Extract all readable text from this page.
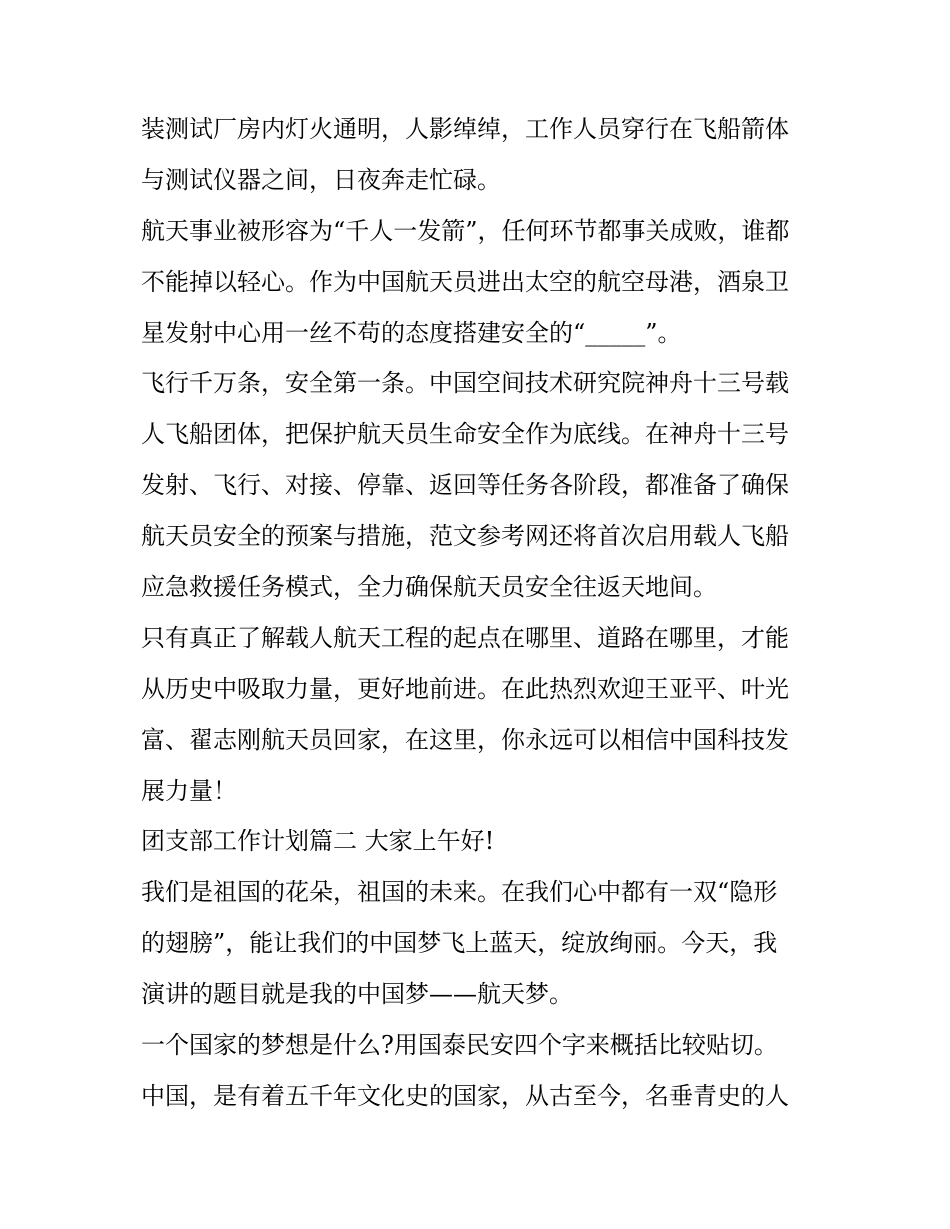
装测试厂房内灯火通明，人影绰绰，工作人员穿行在飞船箭体
与测试仪器之间，日夜奔走忙碌。
航天事业被形容为“千人一发箭”，任何环节都事关成败，谁都
不能掉以轻心。作为中国航天员进出太空的航空母港，酒泉卫
星发射中心用一丝不苟的态度搭建安全的“_____”。
飞行千万条，安全第一条。中国空间技术研究院神舟十三号载
人飞船团体，把保护航天员生命安全作为底线。在神舟十三号
发射、飞行、对接、停靠、返回等任务各阶段，都准备了确保
航天员安全的预案与措施，范文参考网还将首次启用载人飞船
应急救援任务模式，全力确保航天员安全往返天地间。
只有真正了解载人航天工程的起点在哪里、道路在哪里，才能
从历史中吸取力量，更好地前进。在此热烈欢迎王亚平、叶光
富、翟志刚航天员回家，在这里，你永远可以相信中国科技发
展力量！
团支部工作计划篇二 大家上午好!
我们是祖国的花朵，祖国的未来。在我们心中都有一双“隐形
的翅膀”，能让我们的中国梦飞上蓝天，绽放绚丽。今天，我
演讲的题目就是我的中国梦——航天梦。
一个国家的梦想是什么?用国泰民安四个字来概括比较贴切。
中国，是有着五千年文化史的国家，从古至今，名垂青史的人
